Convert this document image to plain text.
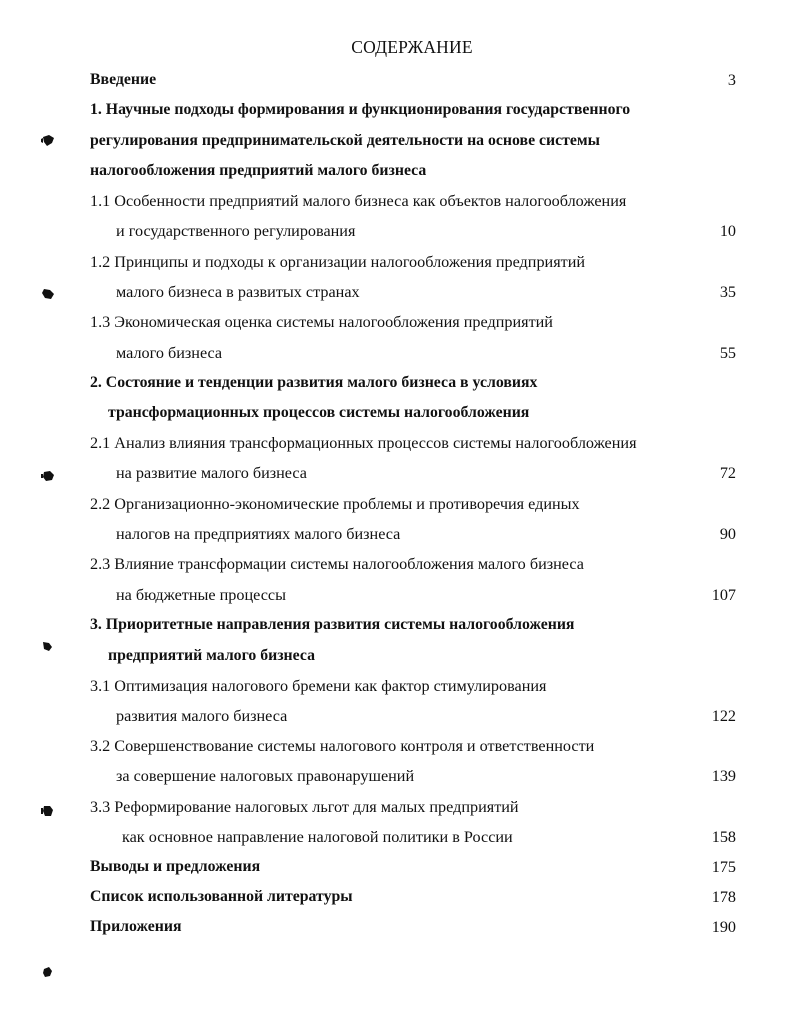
СОДЕРЖАНИЕ
Введение	3
1. Научные подходы формирования и функционирования государственного
регулирования предпринимательской деятельности на основе системы
налогообложения предприятий малого бизнеса
1.1 Особенности предприятий малого бизнеса как объектов налогообложения
и государственного регулирования	10
1.2 Принципы и подходы к организации налогообложения предприятий
малого бизнеса в развитых странах	35
1.3 Экономическая оценка системы налогообложения предприятий
малого бизнеса	55
2. Состояние и тенденции развития малого бизнеса в условиях
трансформационных процессов системы налогообложения
2.1 Анализ влияния трансформационных процессов системы налогообложения
на развитие малого бизнеса	72
2.2 Организационно-экономические проблемы и противоречия единых
налогов на предприятиях малого бизнеса	90
2.3 Влияние трансформации системы налогообложения малого бизнеса
на бюджетные процессы	107
3. Приоритетные направления развития системы налогообложения
предприятий малого бизнеса
3.1 Оптимизация налогового бремени как фактор стимулирования
развития малого бизнеса	122
3.2 Совершенствование системы налогового контроля и ответственности
за совершение налоговых правонарушений	139
3.3 Реформирование налоговых льгот для малых предприятий
как основное направление налоговой политики в России	158
Выводы и предложения	175
Список использованной литературы	178
Приложения	190
